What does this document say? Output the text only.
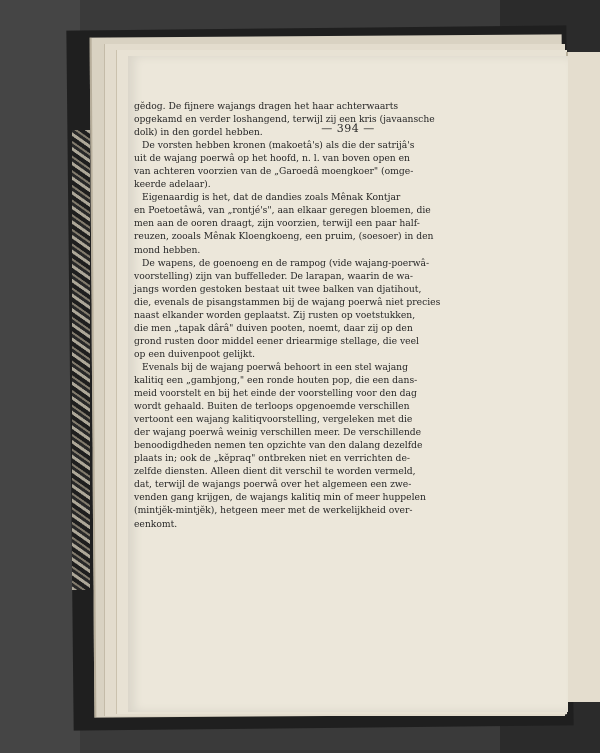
— 394 —
gĕdog. De fijnere wajangs dragen het haar achterwaarts
opgekamd en verder loshangend, terwijl zij een kris (javaansche
dolk) in den gordel hebben.
De vorsten hebben kronen (makoetâ's) als die der satrijâ's
uit de wajang poerwâ op het hoofd, n. l. van boven open en
van achteren voorzien van de „Garoedâ moengkoer" (omge-
keerde adelaar).
Eigenaardig is het, dat de dandies zoals Mênak Kontjar
en Poetoetâwâ, van „rontjé's", aan elkaar geregen bloemen, die
men aan de ooren draagt, zijn voorzien, terwijl een paar half-
reuzen, zooals Mênak Kloengkoeng, een pruim, (soesoer) in den
mond hebben.
De wapens, de goenoeng en de rampog (vide wajang-poerwâ-
voorstelling) zijn van buffelleder. De larapan, waarin de wa-
jangs worden gestoken bestaat uit twee balken van djatihout,
die, evenals de pisangstammen bij de wajang poerwâ niet precies
naast elkander worden geplaatst. Zij rusten op voetstukken,
die men „tapak dârâ" duiven pooten, noemt, daar zij op den
grond rusten door middel eener driearmige stellage, die veel
op een duivenpoot gelijkt.
Evenals bij de wajang poerwâ behoort in een stel wajang
kalitiq een „gambjong," een ronde houten pop, die een dans-
meid voorstelt en bij het einde der voorstelling voor den dag
wordt gehaald. Buiten de terloops opgenoemde verschillen
vertoont een wajang kalitiqvoorstelling, vergeleken met die
der wajang poerwâ weinig verschillen meer. De verschillende
benoodigdheden nemen ten opzichte van den dalang dezelfde
plaats in; ook de „kĕpraq" ontbreken niet en verrichten de-
zelfde diensten. Alleen dient dit verschil te worden vermeld,
dat, terwijl de wajangs poerwâ over het algemeen een zwe-
venden gang krijgen, de wajangs kalitiq min of meer huppelen
(mintjĕk-mintjĕk), hetgeen meer met de werkelijkheid over-
eenkomt.
